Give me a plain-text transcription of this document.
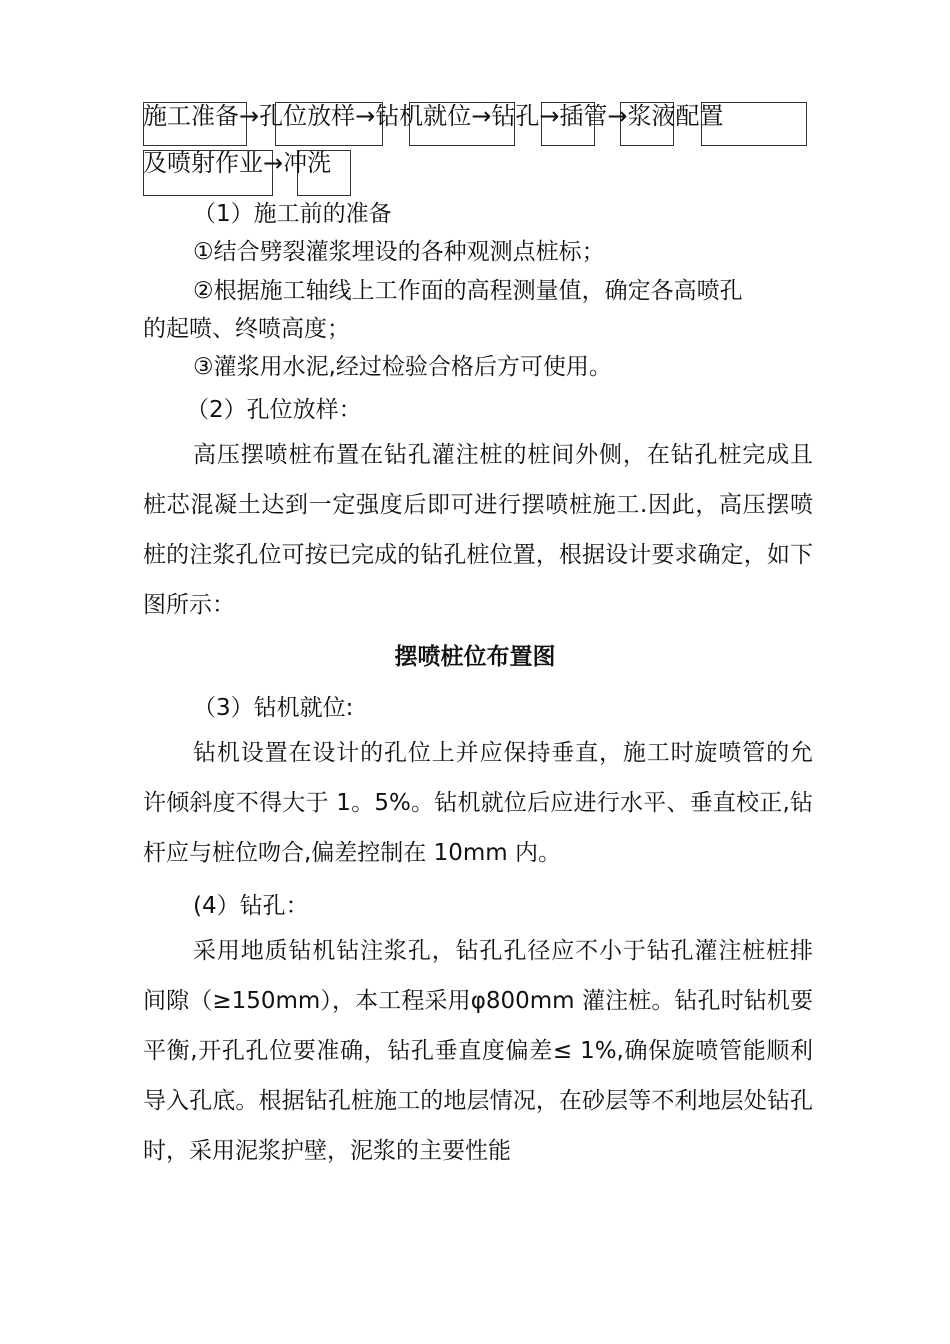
施工准备→孔位放样→钻机就位→钻孔→插管→浆液配置
及喷射作业→冲洗
（1）施工前的准备
①结合劈裂灌浆埋设的各种观测点桩标；
②根据施工轴线上工作面的高程测量值，确定各高喷孔
的起喷、终喷高度；
③灌浆用水泥,经过检验合格后方可使用。
（2）孔位放样：

高压摆喷桩布置在钻孔灌注桩的桩间外侧，在钻孔桩完成且桩芯混凝土达到一定强度后即可进行摆喷桩施工.因此，高压摆喷桩的注浆孔位可按已完成的钻孔桩位置，根据设计要求确定，如下图所示：

摆喷桩位布置图
（3）钻机就位:

钻机设置在设计的孔位上并应保持垂直，施工时旋喷管的允许倾斜度不得大于 1。5%。钻机就位后应进行水平、垂直校正,钻杆应与桩位吻合,偏差控制在 10mm 内。

(4）钻孔：

采用地质钻机钻注浆孔，钻孔孔径应不小于钻孔灌注桩桩排间隙（≥150mm），本工程采用φ800mm 灌注桩。钻孔时钻机要平衡,开孔孔位要准确，钻孔垂直度偏差≤ 1%,确保旋喷管能顺利导入孔底。根据钻孔桩施工的地层情况，在砂层等不利地层处钻孔时，采用泥浆护壁，泥浆的主要性能
